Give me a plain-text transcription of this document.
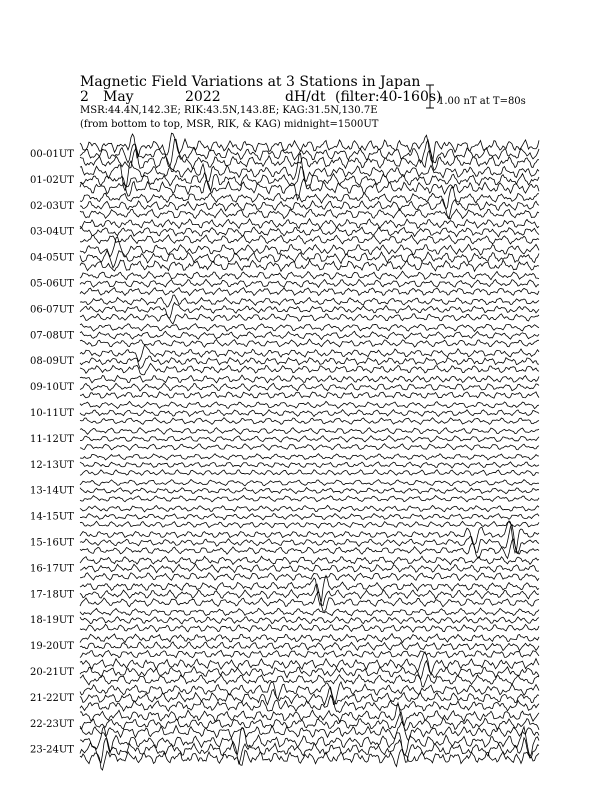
Magnetic Field Variations at 3 Stations in Japan
2 May	2022	dH/dt (filter:40-160s)
MSR:44.4N,142.3E; RIK:43.5N,143.8E; KAG:31.5N,130.7E
(from bottom to top, MSR, RIK, & KAG) midnight=1500UT
1.00 nT at T=80s
00-01UT
01-02UT
02-03UT
03-04UT
04-05UT
05-06UT
06-07UT
07-08UT
08-09UT
09-10UT
10-11UT
11-12UT
12-13UT
13-14UT
14-15UT
15-16UT
16-17UT
17-18UT
18-19UT
19-20UT
20-21UT
21-22UT
22-23UT
23-24UT
